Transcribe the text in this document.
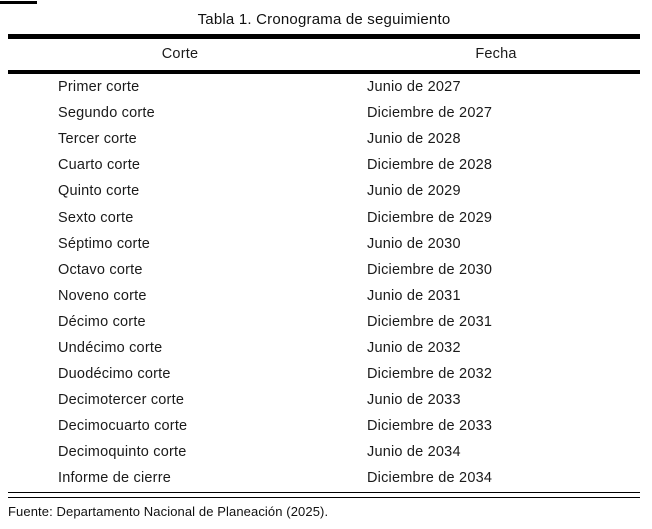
Tabla 1. Cronograma de seguimiento
Corte	Fecha
Primer corte	Junio de 2027
Segundo corte	Diciembre de 2027
Tercer corte	Junio de 2028
Cuarto corte	Diciembre de 2028
Quinto corte	Junio de 2029
Sexto corte	Diciembre de 2029
Séptimo corte	Junio de 2030
Octavo corte	Diciembre de 2030
Noveno corte	Junio de 2031
Décimo corte	Diciembre de 2031
Undécimo corte	Junio de 2032
Duodécimo corte	Diciembre de 2032
Decimotercer corte	Junio de 2033
Decimocuarto corte	Diciembre de 2033
Decimoquinto corte	Junio de 2034
Informe de cierre	Diciembre de 2034
Fuente: Departamento Nacional de Planeación (2025).
